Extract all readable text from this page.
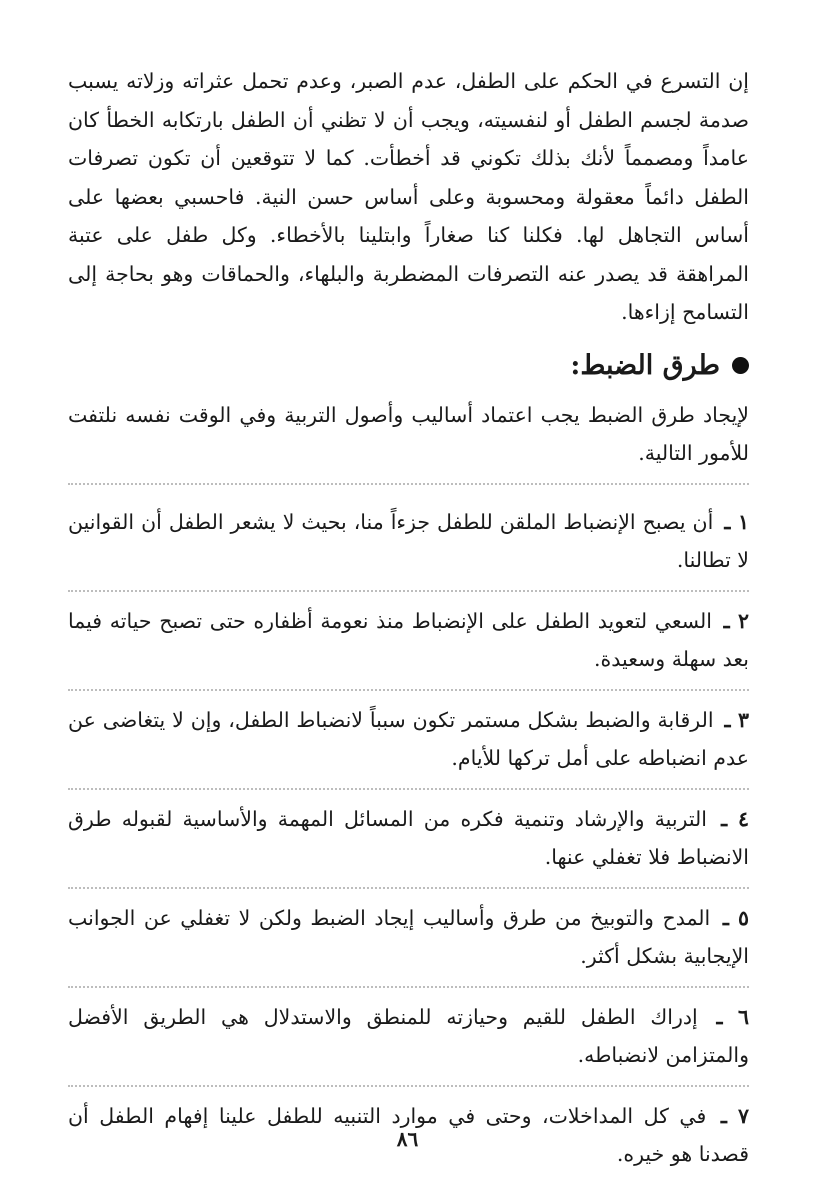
إن التسرع في الحكم على الطفل، عدم الصبر، وعدم تحمل عثراته وزلاته يسبب صدمة لجسم الطفل أو لنفسيته، ويجب أن لا تظني أن الطفل بارتكابه الخطأ كان عامداً ومصمماً لأنك بذلك تكوني قد أخطأت. كما لا تتوقعين أن تكون تصرفات الطفل دائماً معقولة ومحسوبة وعلى أساس حسن النية. فاحسبي بعضها على أساس التجاهل لها. فكلنا كنا صغاراً وابتلينا بالأخطاء. وكل طفل على عتبة المراهقة قد يصدر عنه التصرفات المضطربة والبلهاء، والحماقات وهو بحاجة إلى التسامح إزاءها.

طرق الضبط:

لإيجاد طرق الضبط يجب اعتماد أساليب وأصول التربية وفي الوقت نفسه نلتفت للأمور التالية.

١ ـ أن يصبح الإنضباط الملقن للطفل جزءاً منا، بحيث لا يشعر الطفل أن القوانين لا تطالنا.

٢ ـ السعي لتعويد الطفل على الإنضباط منذ نعومة أظفاره حتى تصبح حياته فيما بعد سهلة وسعيدة.

٣ ـ الرقابة والضبط بشكل مستمر تكون سبباً لانضباط الطفل، وإن لا يتغاضى عن عدم انضباطه على أمل تركها للأيام.

٤ ـ التربية والإرشاد وتنمية فكره من المسائل المهمة والأساسية لقبوله طرق الانضباط فلا تغفلي عنها.

٥ ـ المدح والتوبيخ من طرق وأساليب إيجاد الضبط ولكن لا تغفلي عن الجوانب الإيجابية بشكل أكثر.

٦ ـ إدراك الطفل للقيم وحيازته للمنطق والاستدلال هي الطريق الأفضل والمتزامن لانضباطه.

٧ ـ في كل المداخلات، وحتى في موارد التنبيه للطفل علينا إفهام الطفل أن قصدنا هو خيره.

٨٦
